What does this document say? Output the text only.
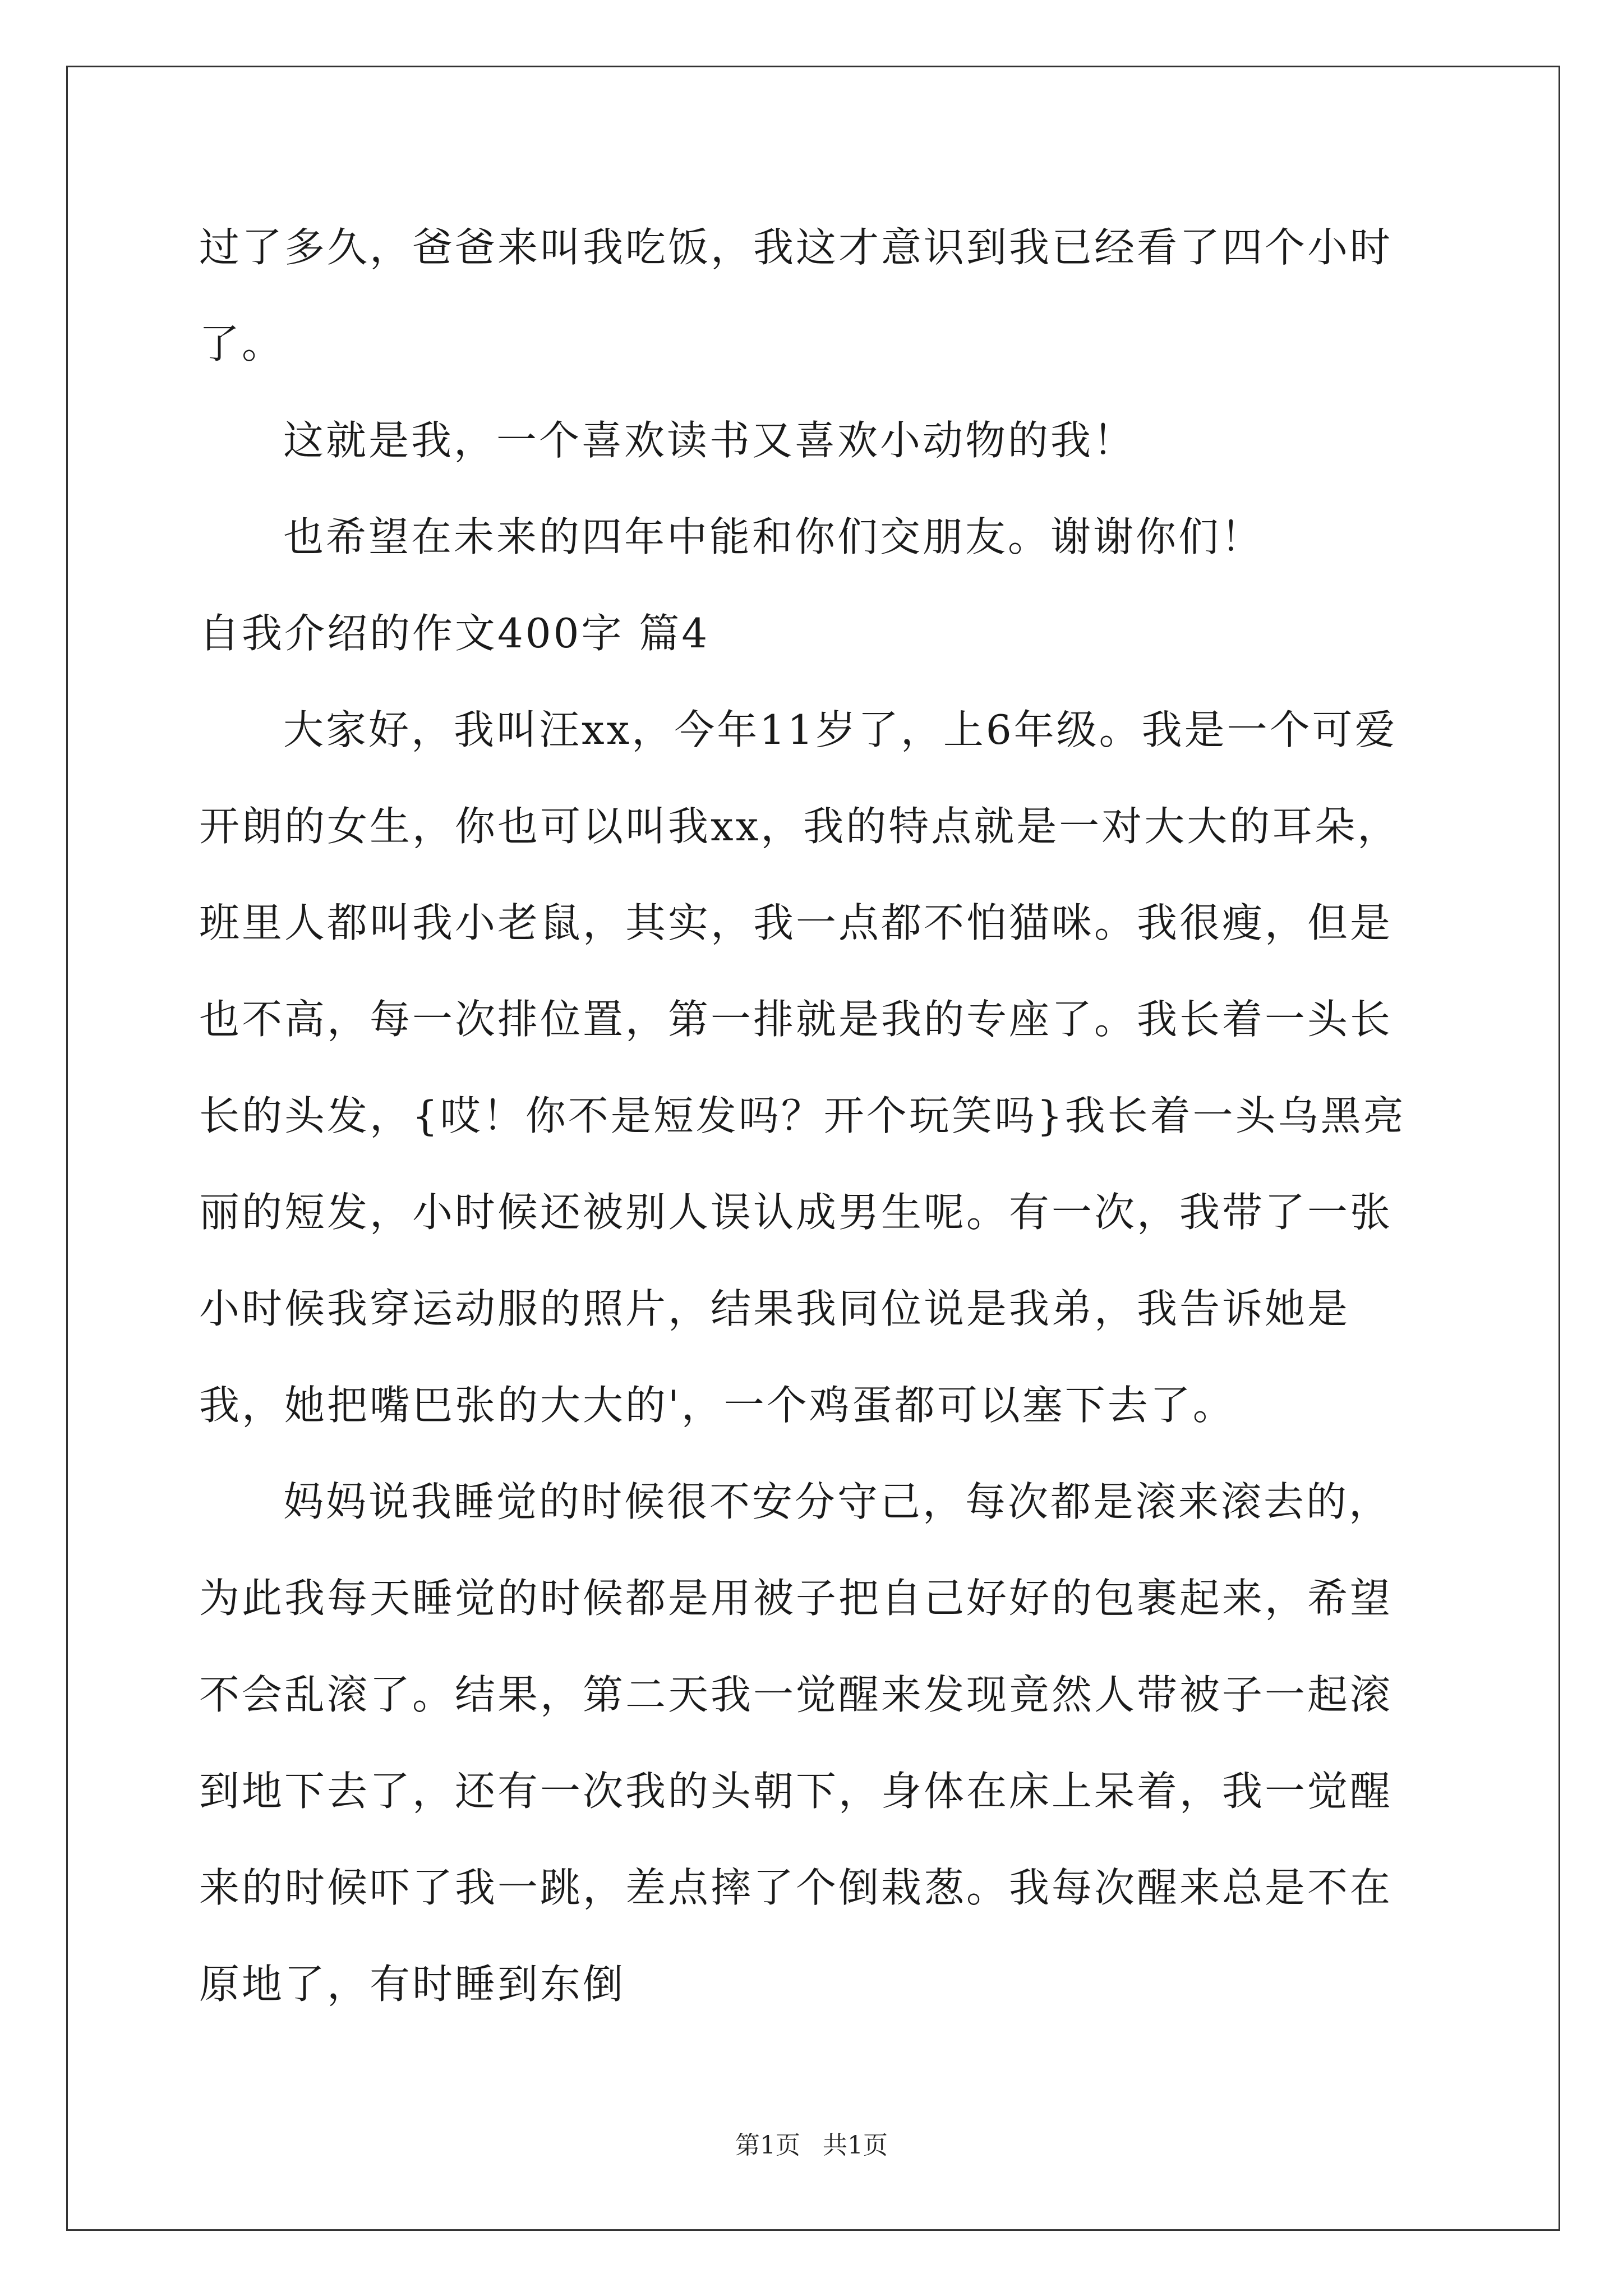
过了多久，爸爸来叫我吃饭，我这才意识到我已经看了四个小时了。

这就是我，一个喜欢读书又喜欢小动物的我！

也希望在未来的四年中能和你们交朋友。谢谢你们！

自我介绍的作文400字 篇4

大家好，我叫汪xx，今年11岁了，上6年级。我是一个可爱开朗的女生，你也可以叫我xx，我的特点就是一对大大的耳朵，班里人都叫我小老鼠，其实，我一点都不怕猫咪。我很瘦，但是也不高，每一次排位置，第一排就是我的专座了。我长着一头长长的头发，{哎！你不是短发吗？开个玩笑吗}我长着一头乌黑亮丽的短发，小时候还被别人误认成男生呢。有一次，我带了一张小时候我穿运动服的照片，结果我同位说是我弟，我告诉她是我，她把嘴巴张的大大的'，一个鸡蛋都可以塞下去了。

妈妈说我睡觉的时候很不安分守己，每次都是滚来滚去的，为此我每天睡觉的时候都是用被子把自己好好的包裹起来，希望不会乱滚了。结果，第二天我一觉醒来发现竟然人带被子一起滚到地下去了，还有一次我的头朝下，身体在床上呆着，我一觉醒来的时候吓了我一跳，差点摔了个倒栽葱。我每次醒来总是不在原地了，有时睡到东倒

第1页 共1页
